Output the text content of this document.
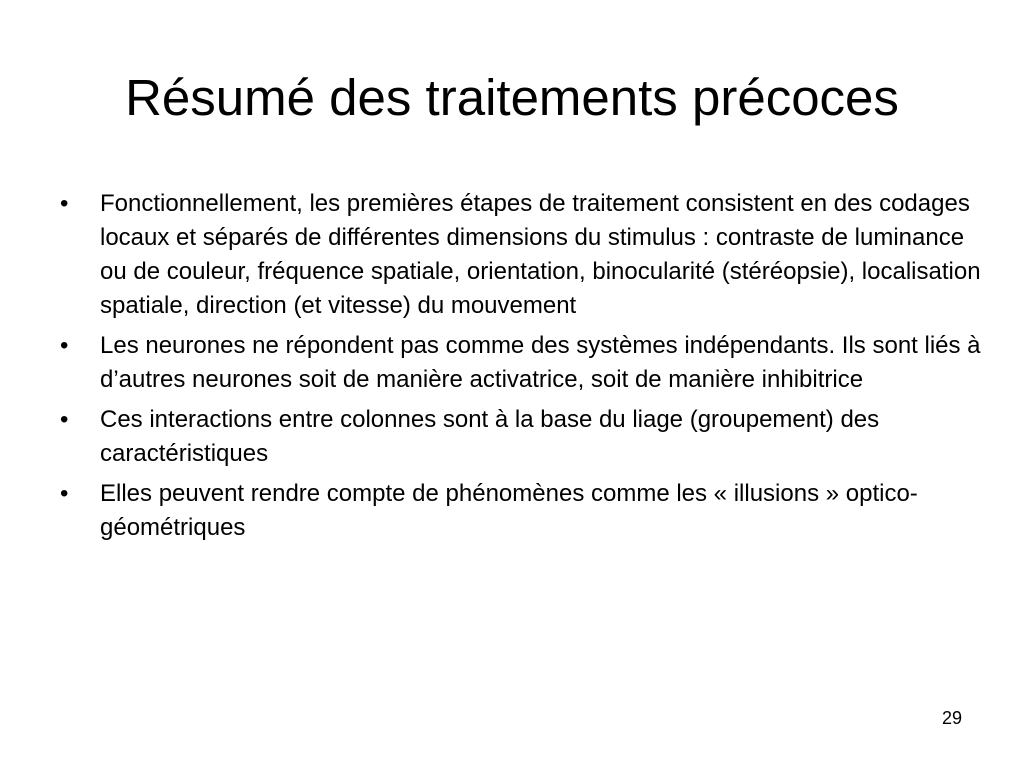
Résumé des traitements précoces
•	Fonctionnellement, les premières étapes de traitement consistent en des codages locaux et séparés de différentes dimensions du stimulus : contraste de luminance ou de couleur, fréquence spatiale, orientation, binocularité (stéréopsie), localisation spatiale, direction (et vitesse) du mouvement
•	Les neurones ne répondent pas comme des systèmes indépendants. Ils sont liés à d’autres neurones soit de manière activatrice, soit de manière inhibitrice
•	Ces interactions entre colonnes sont à la base du liage (groupement) des caractéristiques
•	Elles peuvent rendre compte de phénomènes comme les « illusions » optico-géométriques
29
